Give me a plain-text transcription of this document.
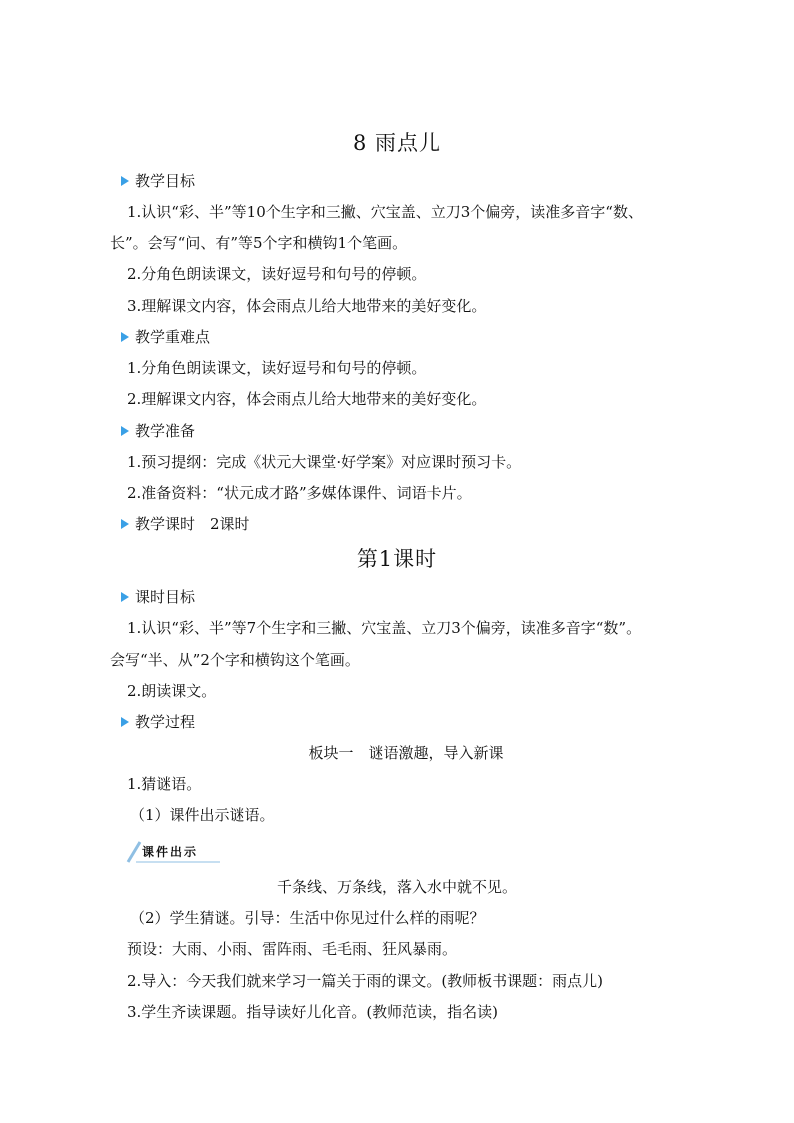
8 雨点儿
教学目标
1.认识“彩、半”等10个生字和三撇、穴宝盖、立刀3个偏旁，读准多音字“数、
长”。会写“问、有”等5个字和横钩1个笔画。
2.分角色朗读课文，读好逗号和句号的停顿。
3.理解课文内容，体会雨点儿给大地带来的美好变化。
教学重难点
1.分角色朗读课文，读好逗号和句号的停顿。
2.理解课文内容，体会雨点儿给大地带来的美好变化。
教学准备
1.预习提纲：完成《状元大课堂·好学案》对应课时预习卡。
2.准备资料：“状元成才路”多媒体课件、词语卡片。
教学课时　2课时
第1课时
课时目标
1.认识“彩、半”等7个生字和三撇、穴宝盖、立刀3个偏旁，读准多音字“数”。
会写“半、从”2个字和横钩这个笔画。
2.朗读课文。
教学过程
板块一　谜语激趣，导入新课
1.猜谜语。
（1）课件出示谜语。
课件出示
千条线、万条线，落入水中就不见。
（2）学生猜谜。引导：生活中你见过什么样的雨呢？
预设：大雨、小雨、雷阵雨、毛毛雨、狂风暴雨。
2.导入：今天我们就来学习一篇关于雨的课文。(教师板书课题：雨点儿)
3.学生齐读课题。指导读好儿化音。(教师范读，指名读)
